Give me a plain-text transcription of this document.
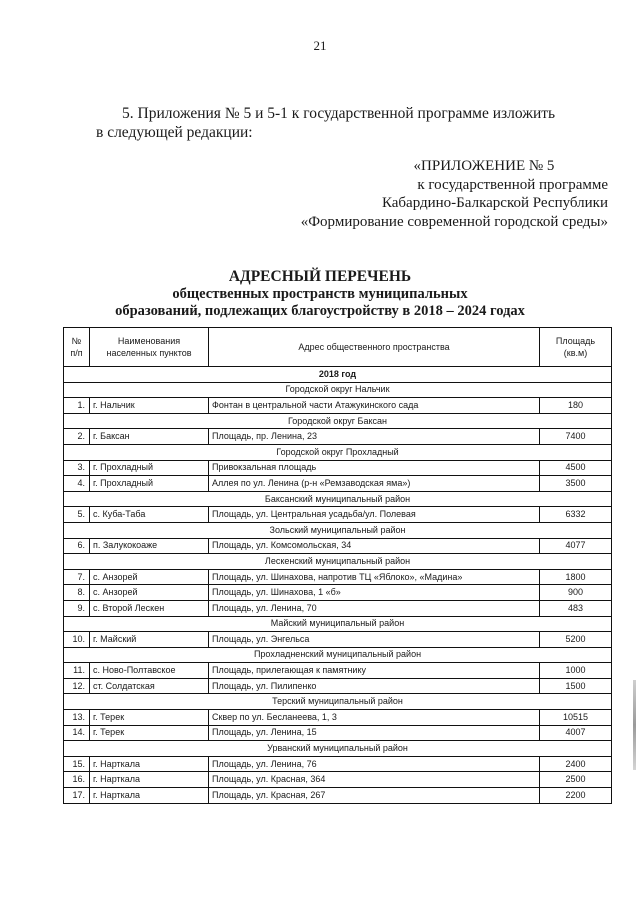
21
5. Приложения № 5 и 5-1 к государственной программе изложить
в следующей редакции:
«ПРИЛОЖЕНИЕ № 5
к государственной программе
Кабардино-Балкарской Республики
«Формирование современной городской среды»
АДРЕСНЫЙ ПЕРЕЧЕНЬ
общественных пространств муниципальных
образований, подлежащих благоустройству в 2018 – 2024 годах
№ п/п	Наименования населенных пунктов	Адрес общественного пространства	Площадь (кв.м)
2018 год			
Городской округ Нальчик			
1.	г. Нальчик	Фонтан в центральной части Атажукинского сада	180
Городской округ Баксан			
2.	г. Баксан	Площадь, пр. Ленина, 23	7400
Городской округ Прохладный			
3.	г. Прохладный	Привокзальная площадь	4500
4.	г. Прохладный	Аллея по ул. Ленина (р-н «Ремзаводская яма»)	3500
Баксанский муниципальный район			
5.	с. Куба-Таба	Площадь, ул. Центральная усадьба/ул. Полевая	6332
Зольский муниципальный район			
6.	п. Залукокоаже	Площадь, ул. Комсомольская, 34	4077
Лескенский муниципальный район			
7.	с. Анзорей	Площадь, ул. Шинахова, напротив ТЦ «Яблоко», «Мадина»	1800
8.	с. Анзорей	Площадь, ул. Шинахова, 1 «б»	900
9.	с. Второй Лескен	Площадь, ул. Ленина, 70	483
Майский муниципальный район			
10.	г. Майский	Площадь, ул. Энгельса	5200
Прохладненский муниципальный район			
11.	с. Ново-Полтавское	Площадь, прилегающая к памятнику	1000
12.	ст. Солдатская	Площадь, ул. Пилипенко	1500
Терский муниципальный район			
13.	г. Терек	Сквер по ул. Бесланеева, 1, 3	10515
14.	г. Терек	Площадь, ул. Ленина, 15	4007
Урванский муниципальный район			
15.	г. Нарткала	Площадь, ул. Ленина, 76	2400
16.	г. Нарткала	Площадь, ул. Красная, 364	2500
17.	г. Нарткала	Площадь, ул. Красная, 267	2200
